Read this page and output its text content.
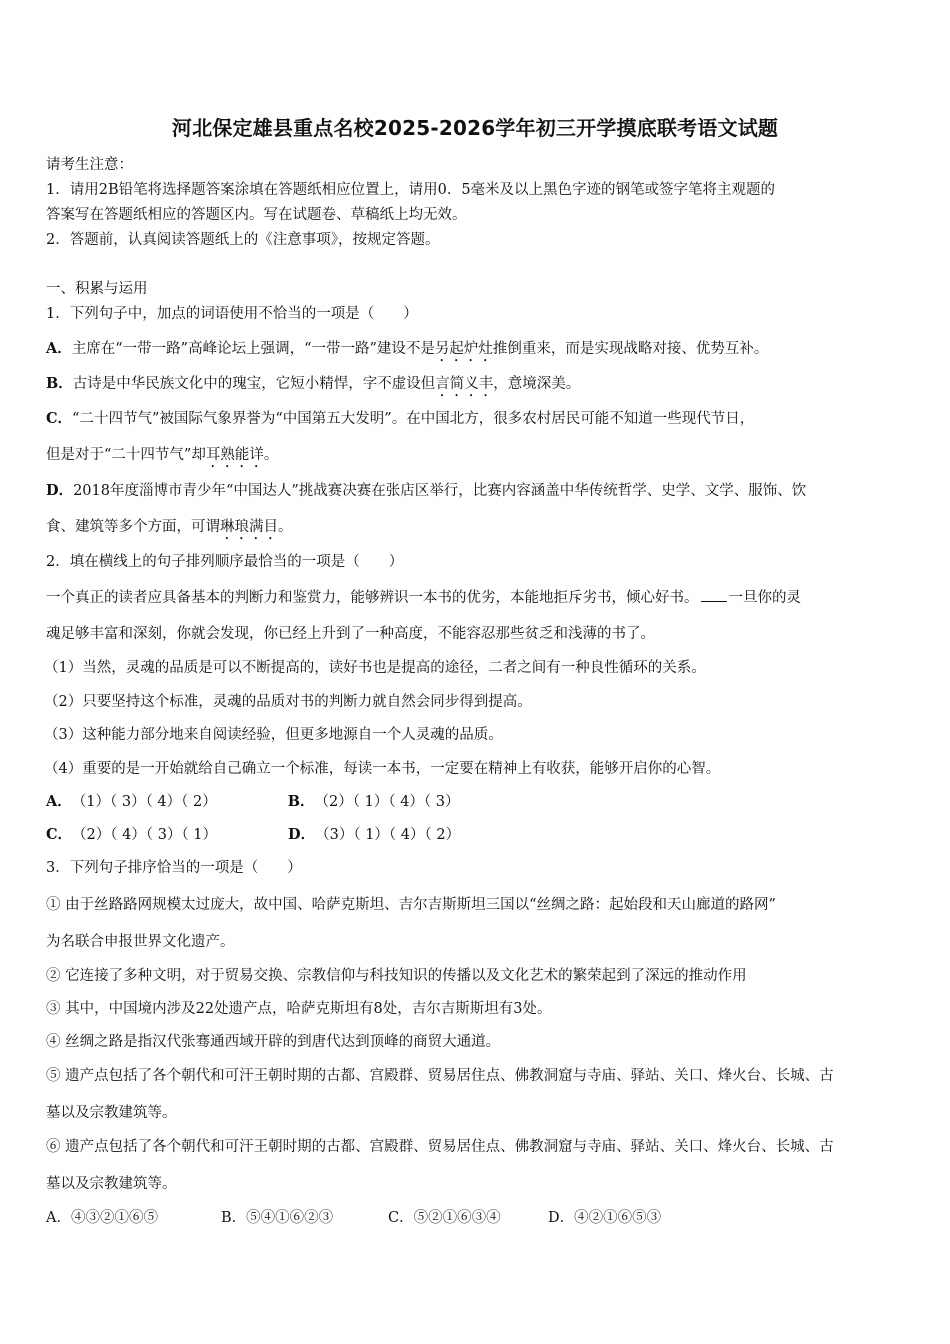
河北保定雄县重点名校2025-2026学年初三开学摸底联考语文试题
请考生注意：
1．请用2B铅笔将选择题答案涂填在答题纸相应位置上，请用0．5毫米及以上黑色字迹的钢笔或签字笔将主观题的
答案写在答题纸相应的答题区内。写在试题卷、草稿纸上均无效。
2．答题前，认真阅读答题纸上的《注意事项》，按规定答题。
一、积累与运用
1．下列句子中，加点的词语使用不恰当的一项是（　　）
A．主席在“一带一路”高峰论坛上强调，“一带一路”建设不是另起炉灶推倒重来，而是实现战略对接、优势互补。
B．古诗是中华民族文化中的瑰宝，它短小精悍，字不虚设但言简义丰，意境深美。
C．“二十四节气”被国际气象界誉为“中国第五大发明”。在中国北方，很多农村居民可能不知道一些现代节日，
但是对于“二十四节气”却耳熟能详。
D．2018年度淄博市青少年“中国达人”挑战赛决赛在张店区举行，比赛内容涵盖中华传统哲学、史学、文学、服饰、饮
食、建筑等多个方面，可谓琳琅满目。
2．填在横线上的句子排列顺序最恰当的一项是（　　）
一个真正的读者应具备基本的判断力和鉴赏力，能够辨识一本书的优劣，本能地拒斥劣书，倾心好书。 一旦你的灵
魂足够丰富和深刻，你就会发现，你已经上升到了一种高度，不能容忍那些贫乏和浅薄的书了。
（1）当然，灵魂的品质是可以不断提高的，读好书也是提高的途径，二者之间有一种良性循环的关系。
（2）只要坚持这个标准，灵魂的品质对书的判断力就自然会同步得到提高。
（3）这种能力部分地来自阅读经验，但更多地源自一个人灵魂的品质。
（4）重要的是一开始就给自己确立一个标准，每读一本书，一定要在精神上有收获，能够开启你的心智。
A．（1）（ 3）（ 4）（ 2）	B．（2）（ 1）（ 4）（ 3）
C．（2）（ 4）（ 3）（ 1）	D．（3）（ 1）（ 4）（ 2）
3．下列句子排序恰当的一项是（　　）
① 由于丝路路网规模太过庞大，故中国、哈萨克斯坦、吉尔吉斯斯坦三国以“丝绸之路：起始段和天山廊道的路网”
为名联合申报世界文化遗产。
② 它连接了多种文明，对于贸易交换、宗教信仰与科技知识的传播以及文化艺术的繁荣起到了深远的推动作用
③ 其中，中国境内涉及22处遗产点，哈萨克斯坦有8处，吉尔吉斯斯坦有3处。
④ 丝绸之路是指汉代张骞通西域开辟的到唐代达到顶峰的商贸大通道。
⑤ 遗产点包括了各个朝代和可汗王朝时期的古都、宫殿群、贸易居住点、佛教洞窟与寺庙、驿站、关口、烽火台、长城、古
墓以及宗教建筑等。
⑥ 遗产点包括了各个朝代和可汗王朝时期的古都、宫殿群、贸易居住点、佛教洞窟与寺庙、驿站、关口、烽火台、长城、古
墓以及宗教建筑等。
A．④③②①⑥⑤	B．⑤④①⑥②③	C．⑤②①⑥③④	D．④②①⑥⑤③
